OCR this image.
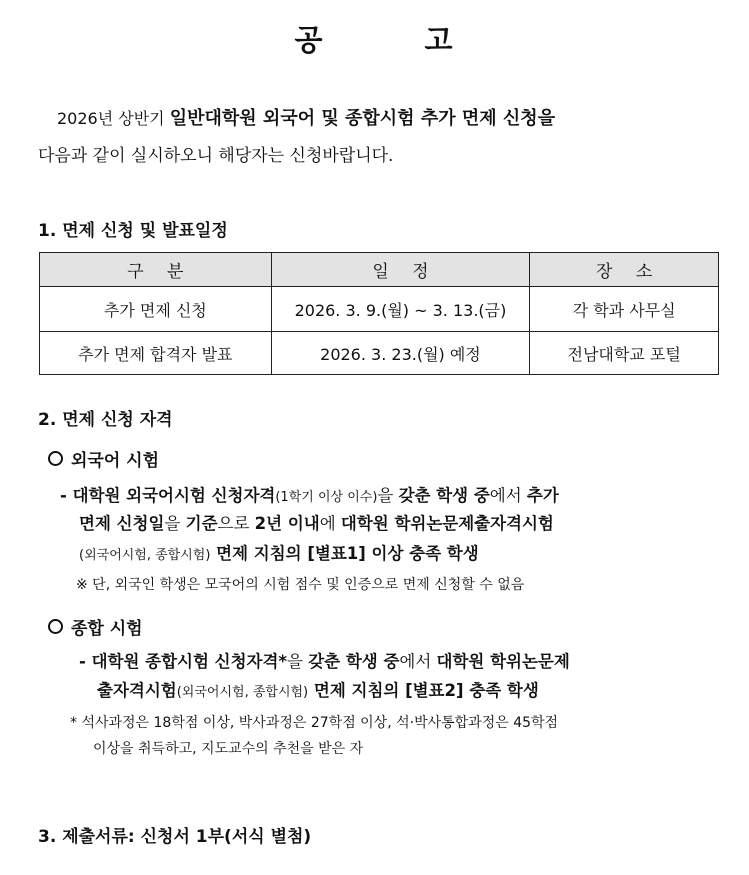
공 고
2026년 상반기 일반대학원 외국어 및 종합시험 추가 면제 신청을
다음과 같이 실시하오니 해당자는 신청바랍니다.
1. 면제 신청 및 발표일정
구 분	일 정	장 소
추가 면제 신청	2026. 3. 9.(월) ~ 3. 13.(금)	각 학과 사무실
추가 면제 합격자 발표	2026. 3. 23.(월) 예정	전남대학교 포털
2. 면제 신청 자격
외국어 시험
- 대학원 외국어시험 신청자격(1학기 이상 이수)을 갖춘 학생 중에서 추가
면제 신청일을 기준으로 2년 이내에 대학원 학위논문제출자격시험
(외국어시험, 종합시험) 면제 지침의 [별표1] 이상 충족 학생
※ 단, 외국인 학생은 모국어의 시험 점수 및 인증으로 면제 신청할 수 없음
종합 시험
- 대학원 종합시험 신청자격*을 갖춘 학생 중에서 대학원 학위논문제
출자격시험(외국어시험, 종합시험) 면제 지침의 [별표2] 충족 학생
* 석사과정은 18학점 이상, 박사과정은 27학점 이상, 석·박사통합과정은 45학점
이상을 취득하고, 지도교수의 추천을 받은 자
3. 제출서류: 신청서 1부(서식 별첨)
